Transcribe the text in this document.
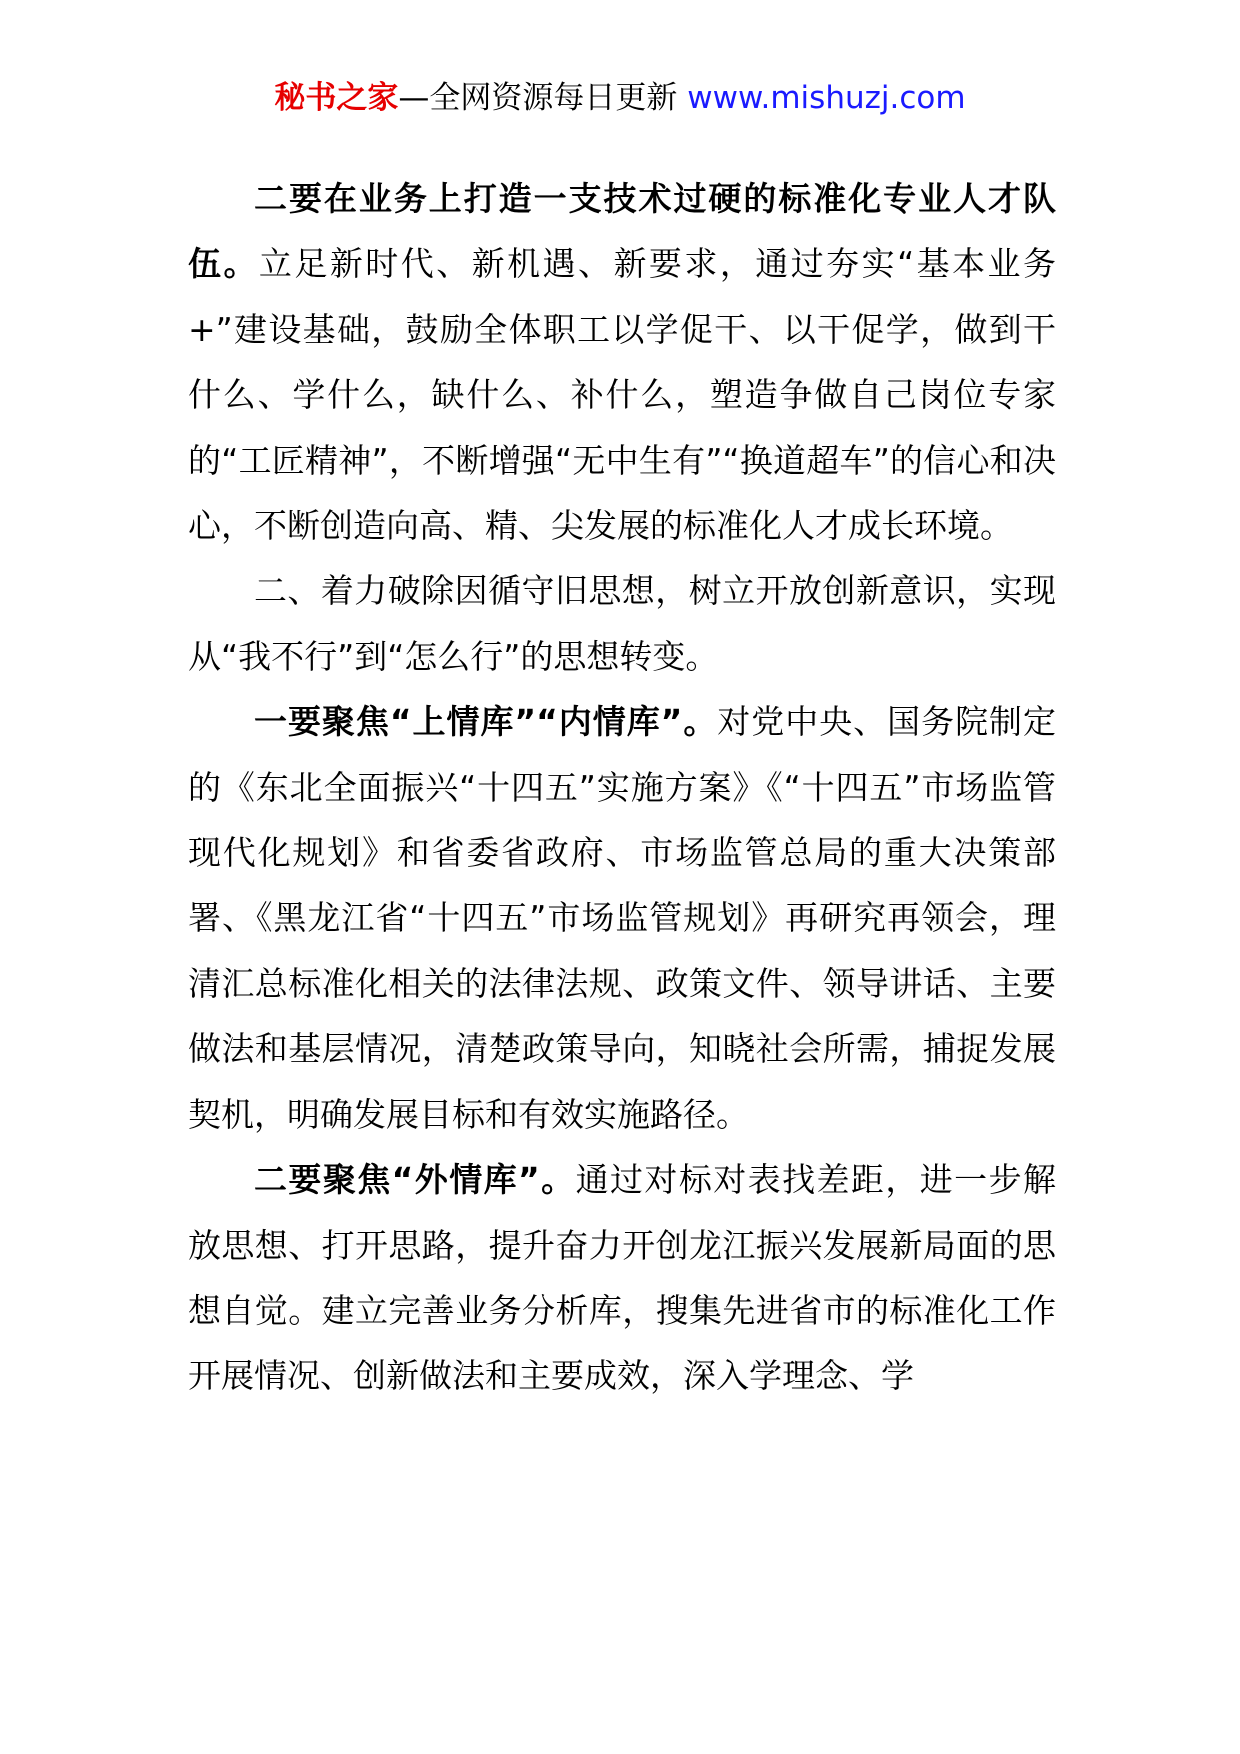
秘书之家—全网资源每日更新 www.mishuzj.com

二要在业务上打造一支技术过硬的标准化专业人才队伍。立足新时代、新机遇、新要求，通过夯实“基本业务+”建设基础，鼓励全体职工以学促干、以干促学，做到干什么、学什么，缺什么、补什么，塑造争做自己岗位专家的“工匠精神”，不断增强“无中生有”“换道超车”的信心和决心，不断创造向高、精、尖发展的标准化人才成长环境。

二、着力破除因循守旧思想，树立开放创新意识，实现从“我不行”到“怎么行”的思想转变。

一要聚焦“上情库”“内情库”。对党中央、国务院制定的《东北全面振兴“十四五”实施方案》《“十四五”市场监管现代化规划》和省委省政府、市场监管总局的重大决策部署、《黑龙江省“十四五”市场监管规划》再研究再领会，理清汇总标准化相关的法律法规、政策文件、领导讲话、主要做法和基层情况，清楚政策导向，知晓社会所需，捕捉发展契机，明确发展目标和有效实施路径。

二要聚焦“外情库”。通过对标对表找差距，进一步解放思想、打开思路，提升奋力开创龙江振兴发展新局面的思想自觉。建立完善业务分析库，搜集先进省市的标准化工作开展情况、创新做法和主要成效，深入学理念、学
